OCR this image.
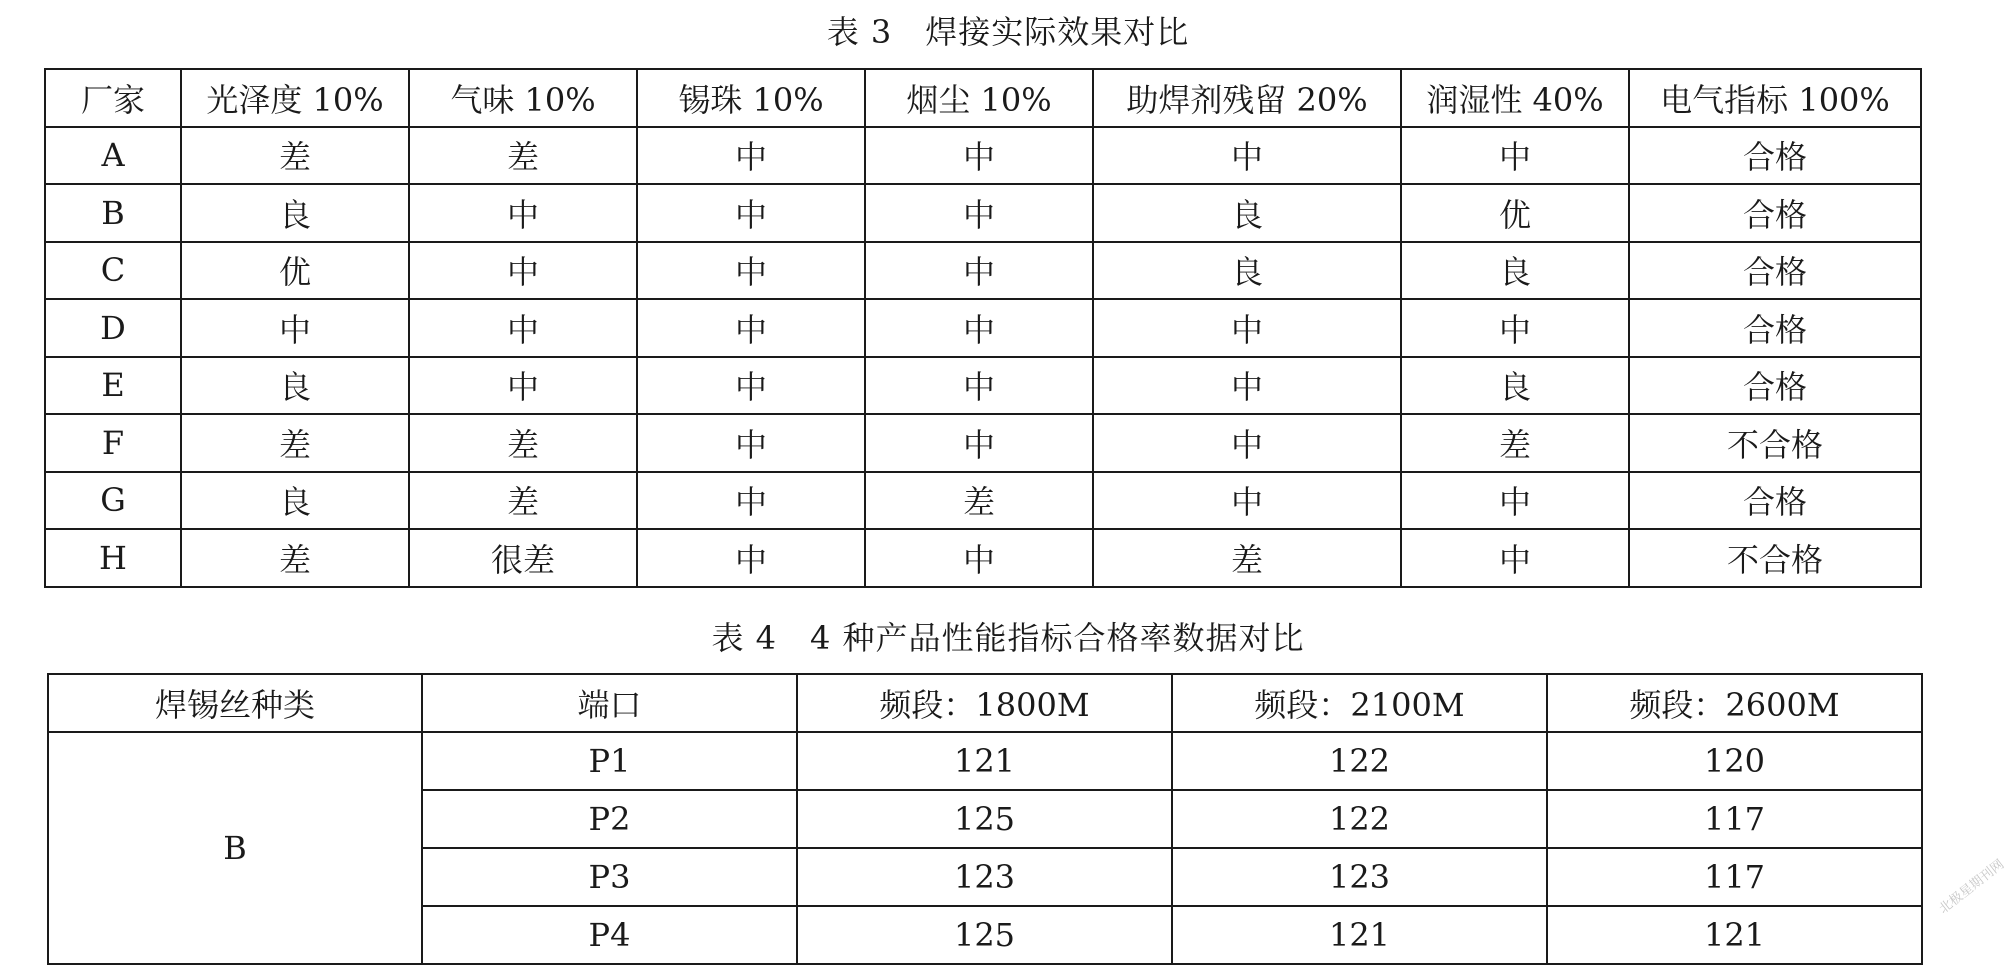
表 3　焊接实际效果对比
厂家	光泽度 10%	气味 10%	锡珠 10%	烟尘 10%	助焊剂残留 20%	润湿性 40%	电气指标 100%
A	差	差	中	中	中	中	合格
B	良	中	中	中	良	优	合格
C	优	中	中	中	良	良	合格
D	中	中	中	中	中	中	合格
E	良	中	中	中	中	良	合格
F	差	差	中	中	中	差	不合格
G	良	差	中	差	中	中	合格
H	差	很差	中	中	差	中	不合格
表 4　4 种产品性能指标合格率数据对比
焊锡丝种类	端口	频段：1800M	频段：2100M	频段：2600M
B	P1	121	122	120
	P2	125	122	117
	P3	123	123	117
	P4	125	121	121
北极星期刊网
